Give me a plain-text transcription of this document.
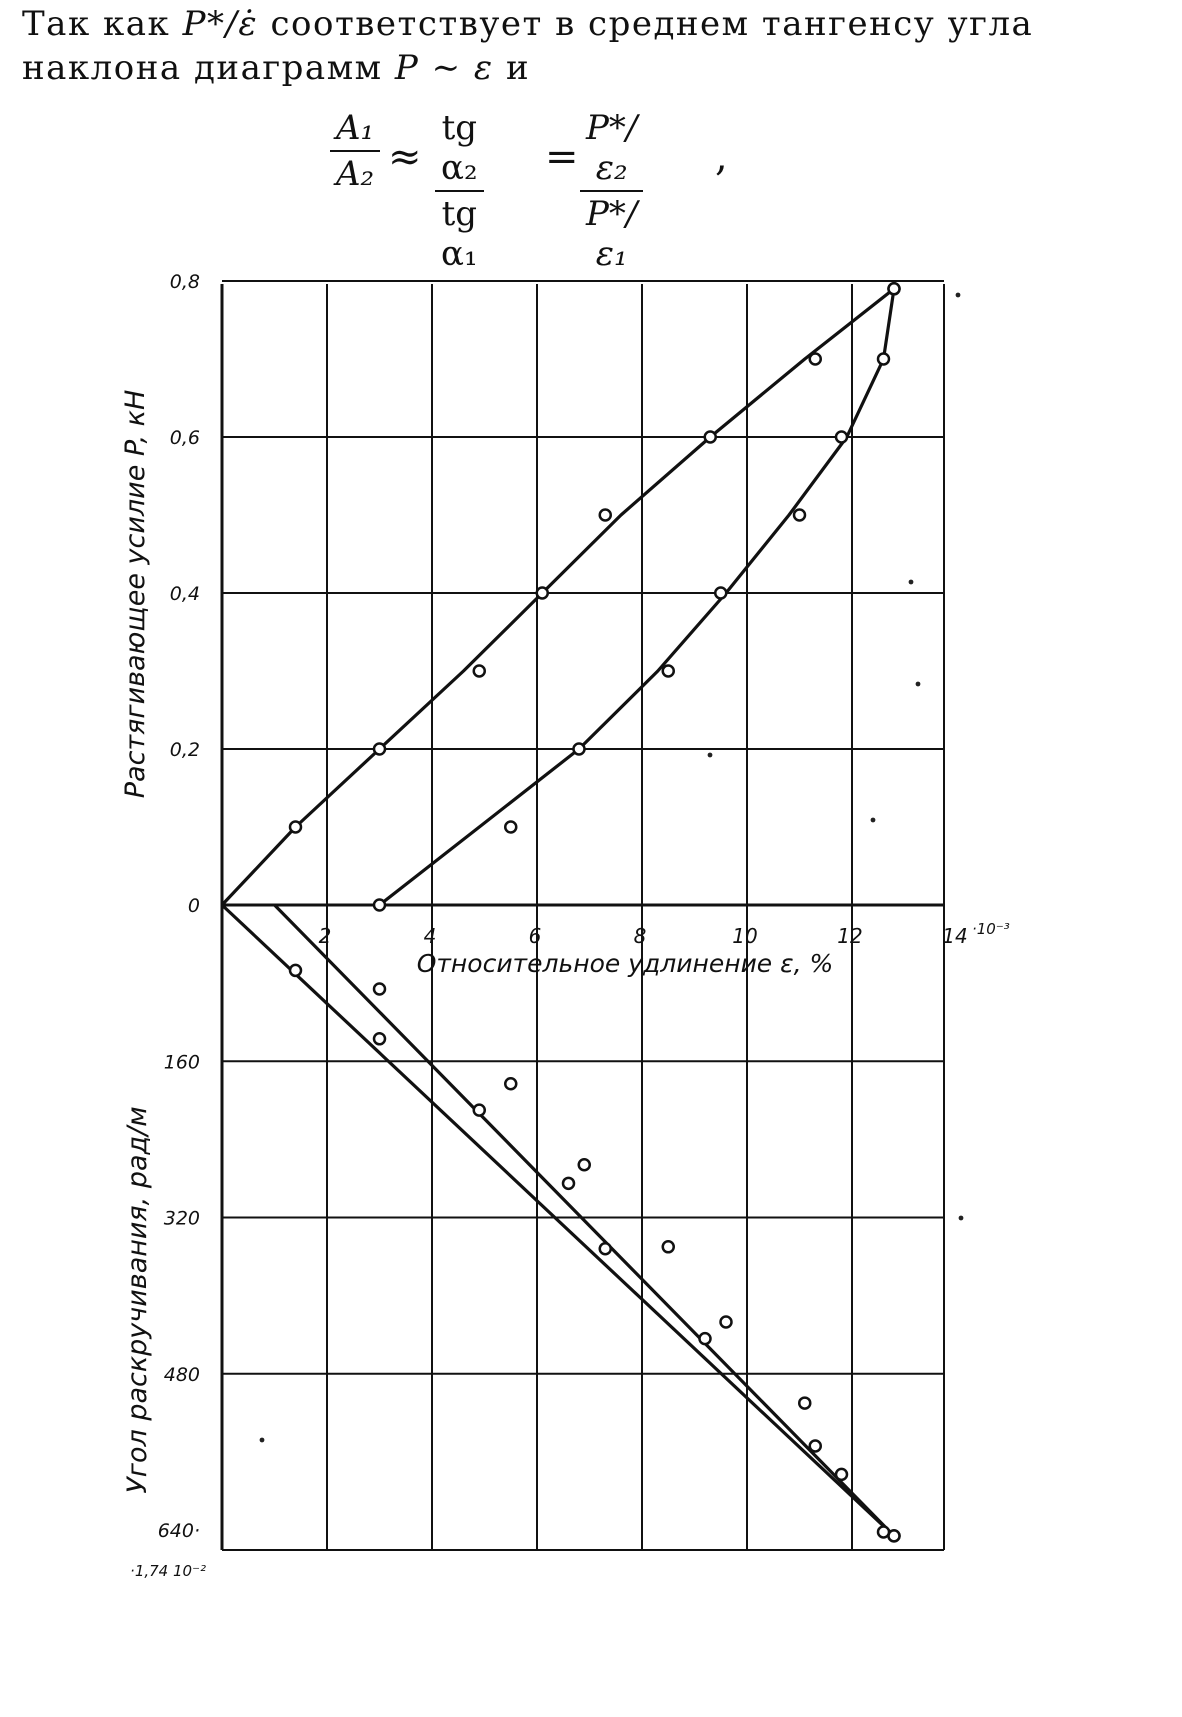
Так как P*/ε̇ соответствует в среднем тангенсу угла
наклона диаграмм P ∼ ε и
$\frac{\text{A₁}}{\text{A₂}} \approx \frac{\text{tg α₂}}{\text{tg α₁}} = \frac{\text{P*/ε₂}}{\text{P*/ε₁}}$ ,
2	4	6	8	10	12	14 ·10⁻³
Относительное удлинение ε, %
0
0,2
0,4
0,6
0,8
Растягивающее усилие P, кН
160
320
480
640·
·1,74 10⁻²
Угол раскручивания, рад/м
